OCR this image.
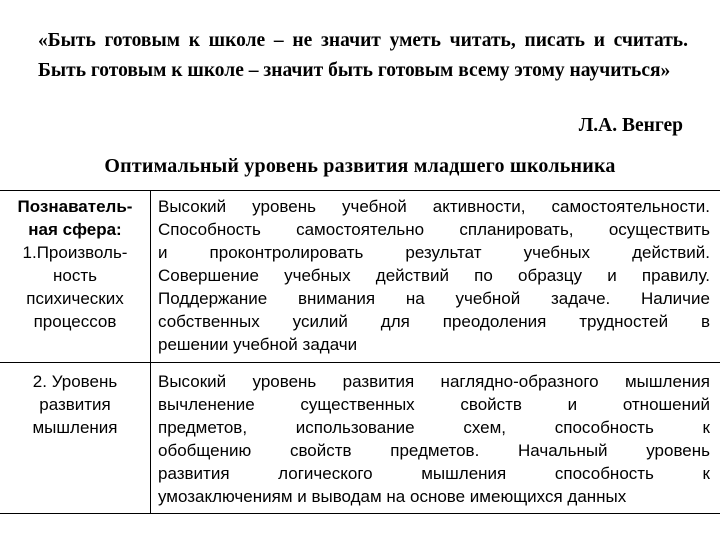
«Быть готовым к школе – не значит уметь читать, писать и считать. Быть готовым к школе – значит быть готовым всему этому научиться»
Л.А. Венгер
Оптимальный уровень развития младшего школьника
Познаватель-
ная сфера:
1.Произволь-
ность
психических
процессов
Высокий уровень учебной активности, самостоятельности.
Способность самостоятельно спланировать, осуществить
и проконтролировать результат учебных действий.
Совершение учебных действий по образцу и правилу.
Поддержание внимания на учебной задаче. Наличие
собственных усилий для преодоления трудностей в
решении учебной задачи
2. Уровень
развития
мышления
Высокий уровень развития наглядно-образного мышления
вычленение существенных свойств и отношений
предметов, использование схем, способность к
обобщению свойств предметов. Начальный уровень
развития логического мышления способность к
умозаключениям и выводам на основе имеющихся данных
